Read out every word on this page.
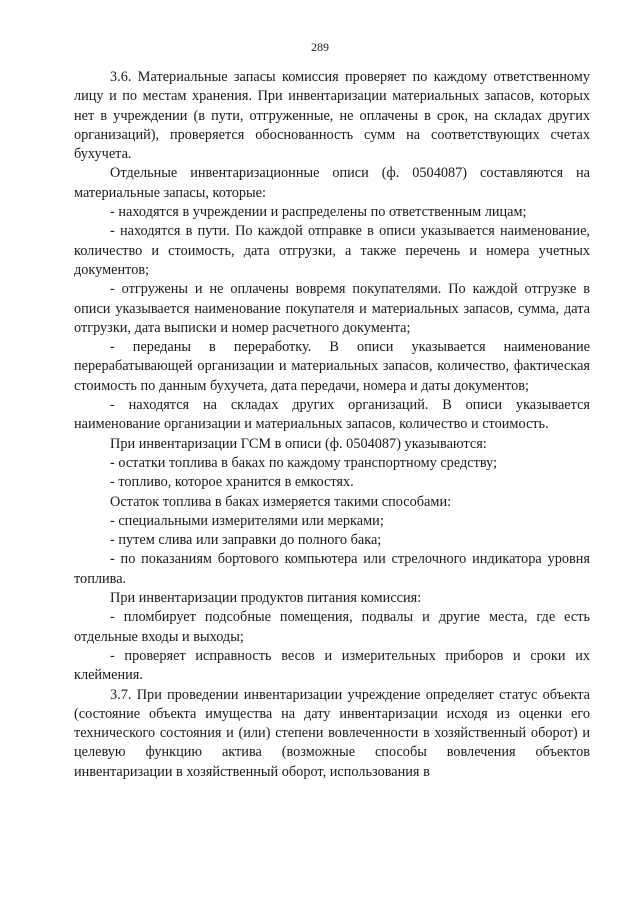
289

3.6. Материальные запасы комиссия проверяет по каждому ответственному лицу и по местам хранения. При инвентаризации материальных запасов, которых нет в учреждении (в пути, отгруженные, не оплачены в срок, на складах других организаций), проверяется обоснованность сумм на соответствующих счетах бухучета.

Отдельные инвентаризационные описи (ф. 0504087) составляются на материальные запасы, которые:

- находятся в учреждении и распределены по ответственным лицам;

- находятся в пути. По каждой отправке в описи указывается наименование, количество и стоимость, дата отгрузки, а также перечень и номера учетных документов;

- отгружены и не оплачены вовремя покупателями. По каждой отгрузке в описи указывается наименование покупателя и материальных запасов, сумма, дата отгрузки, дата выписки и номер расчетного документа;

- переданы в переработку. В описи указывается наименование перерабатывающей организации и материальных запасов, количество, фактическая стоимость по данным бухучета, дата передачи, номера и даты документов;

- находятся на складах других организаций. В описи указывается наименование организации и материальных запасов, количество и стоимость.

При инвентаризации ГСМ в описи (ф. 0504087) указываются:

- остатки топлива в баках по каждому транспортному средству;

- топливо, которое хранится в емкостях.

Остаток топлива в баках измеряется такими способами:

- специальными измерителями или мерками;

- путем слива или заправки до полного бака;

- по показаниям бортового компьютера или стрелочного индикатора уровня топлива.

При инвентаризации продуктов питания комиссия:

- пломбирует подсобные помещения, подвалы и другие места, где есть отдельные входы и выходы;

- проверяет исправность весов и измерительных приборов и сроки их клеймения.

3.7. При проведении инвентаризации учреждение определяет статус объекта (состояние объекта имущества на дату инвентаризации исходя из оценки его технического состояния и (или) степени вовлеченности в хозяйственный оборот) и целевую функцию актива (возможные способы вовлечения объектов инвентаризации в хозяйственный оборот, использования в
